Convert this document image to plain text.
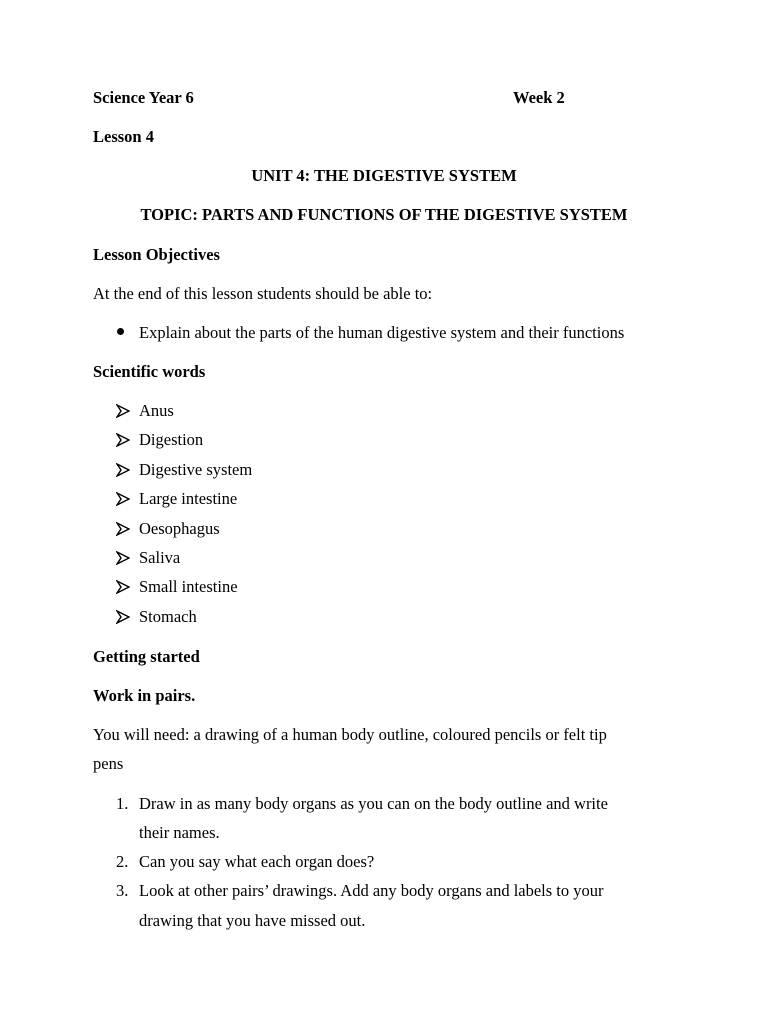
Science Year 6	Week 2
Lesson 4
UNIT 4: THE DIGESTIVE SYSTEM
TOPIC: PARTS AND FUNCTIONS OF THE DIGESTIVE SYSTEM
Lesson Objectives
At the end of this lesson students should be able to:
Explain about the parts of the human digestive system and their functions
Scientific words
Anus
Digestion
Digestive system
Large intestine
Oesophagus
Saliva
Small intestine
Stomach
Getting started
Work in pairs.
You will need: a drawing of a human body outline, coloured pencils or felt tip
pens
1. Draw in as many body organs as you can on the body outline and write
their names.
2. Can you say what each organ does?
3. Look at other pairs’ drawings. Add any body organs and labels to your
drawing that you have missed out.
